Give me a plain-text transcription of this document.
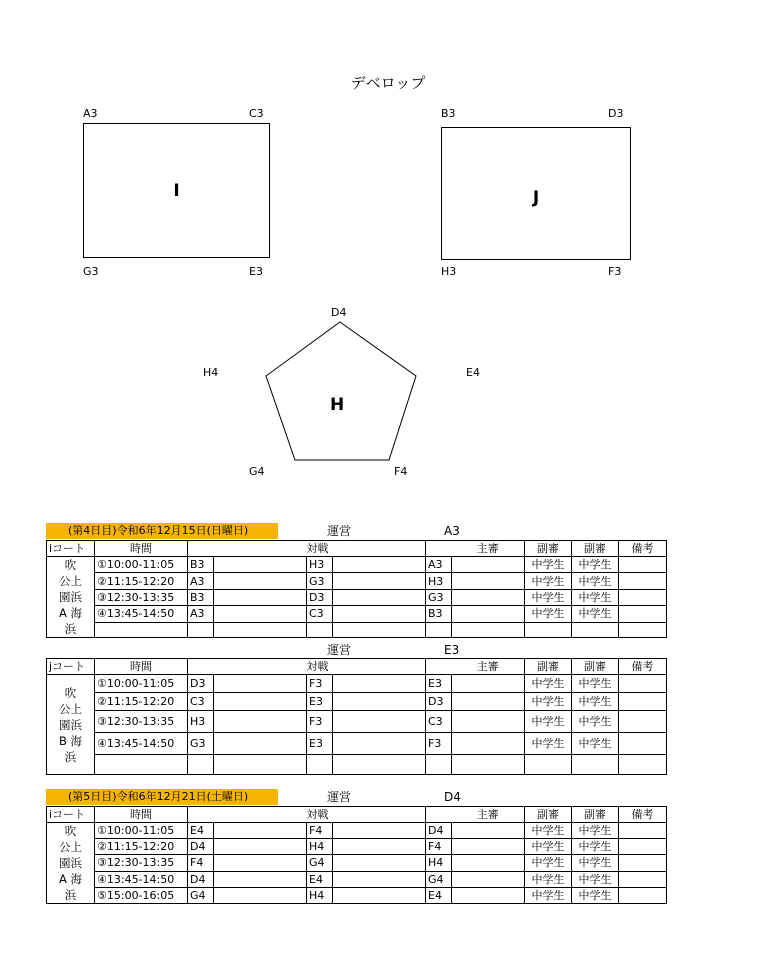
デベロップ
A3	C3
I
G3	E3
B3	D3
J
H3	F3
H
D4
H4	E4
G4	F4
(第4日目)令和6年12月15日(日曜日)	運営	A3
iコート	時間			対戦			主審	副審	副審	備考
吹
公上
園浜
A 海
浜	①10:00-11:05	B3		H3		A3		中学生	中学生	
	②11:15-12:20	A3		G3		H3		中学生	中学生	
	③12:30-13:35	B3		D3		G3		中学生	中学生	
	④13:45-14:50	A3		C3		B3		中学生	中学生	

運営	E3
jコート	時間			対戦			主審	副審	副審	備考
吹
公上
園浜
B 海
浜	①10:00-11:05	D3		F3		E3		中学生	中学生	
	②11:15-12:20	C3		E3		D3		中学生	中学生	
	③12:30-13:35	H3		F3		C3		中学生	中学生	
	④13:45-14:50	G3		E3		F3		中学生	中学生	

(第5日目)令和6年12月21日(土曜日)	運営	D4
iコート	時間			対戦			主審	副審	副審	備考
吹
公上
園浜
A 海
浜	①10:00-11:05	E4		F4		D4		中学生	中学生	
	②11:15-12:20	D4		H4		F4		中学生	中学生	
	③12:30-13:35	F4		G4		H4		中学生	中学生	
	④13:45-14:50	D4		E4		G4		中学生	中学生	
	⑤15:00-16:05	G4		H4		E4		中学生	中学生	
